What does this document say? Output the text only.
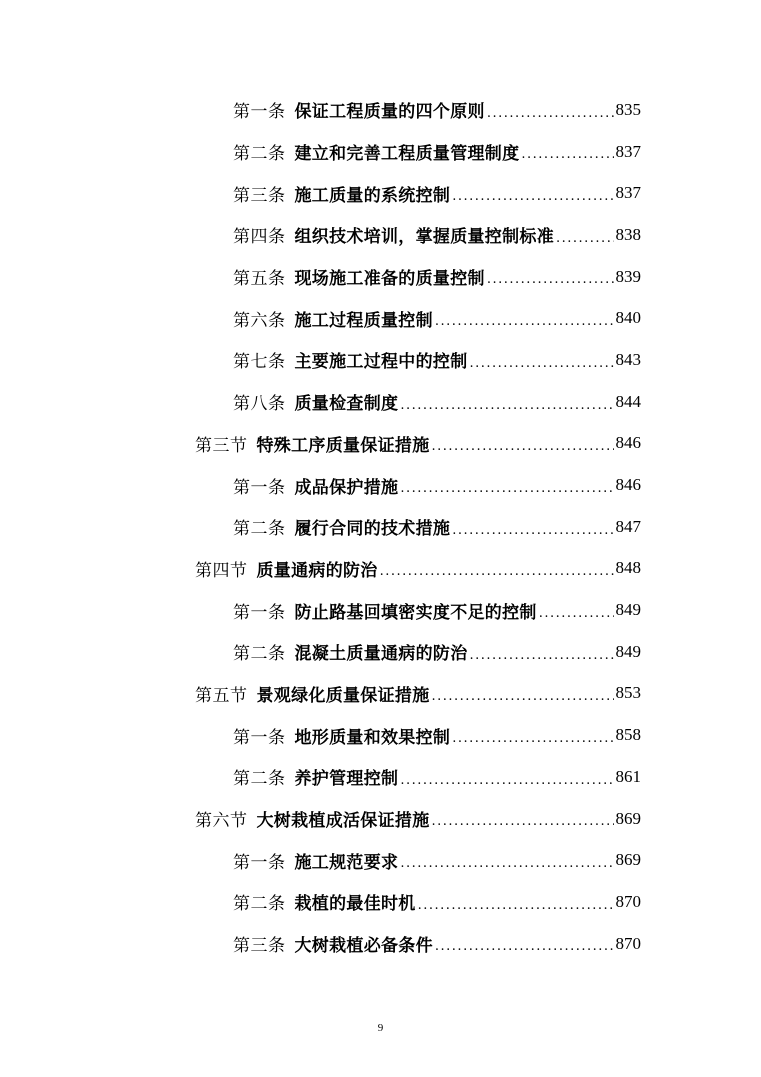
第一条 保证工程质量的四个原则 .....	835
第二条 建立和完善工程质量管理制度 .....	837
第三条 施工质量的系统控制 .....	837
第四条 组织技术培训，掌握质量控制标准 .....	838
第五条 现场施工准备的质量控制 .....	839
第六条 施工过程质量控制 .....	840
第七条 主要施工过程中的控制 .....	843
第八条 质量检查制度 .....	844
第三节 特殊工序质量保证措施 .....	846
第一条 成品保护措施 .....	846
第二条 履行合同的技术措施 .....	847
第四节 质量通病的防治 .....	848
第一条 防止路基回填密实度不足的控制 .....	849
第二条 混凝土质量通病的防治 .....	849
第五节 景观绿化质量保证措施 .....	853
第一条 地形质量和效果控制 .....	858
第二条 养护管理控制 .....	861
第六节 大树栽植成活保证措施 .....	869
第一条 施工规范要求 .....	869
第二条 栽植的最佳时机 .....	870
第三条 大树栽植必备条件 .....	870
9
